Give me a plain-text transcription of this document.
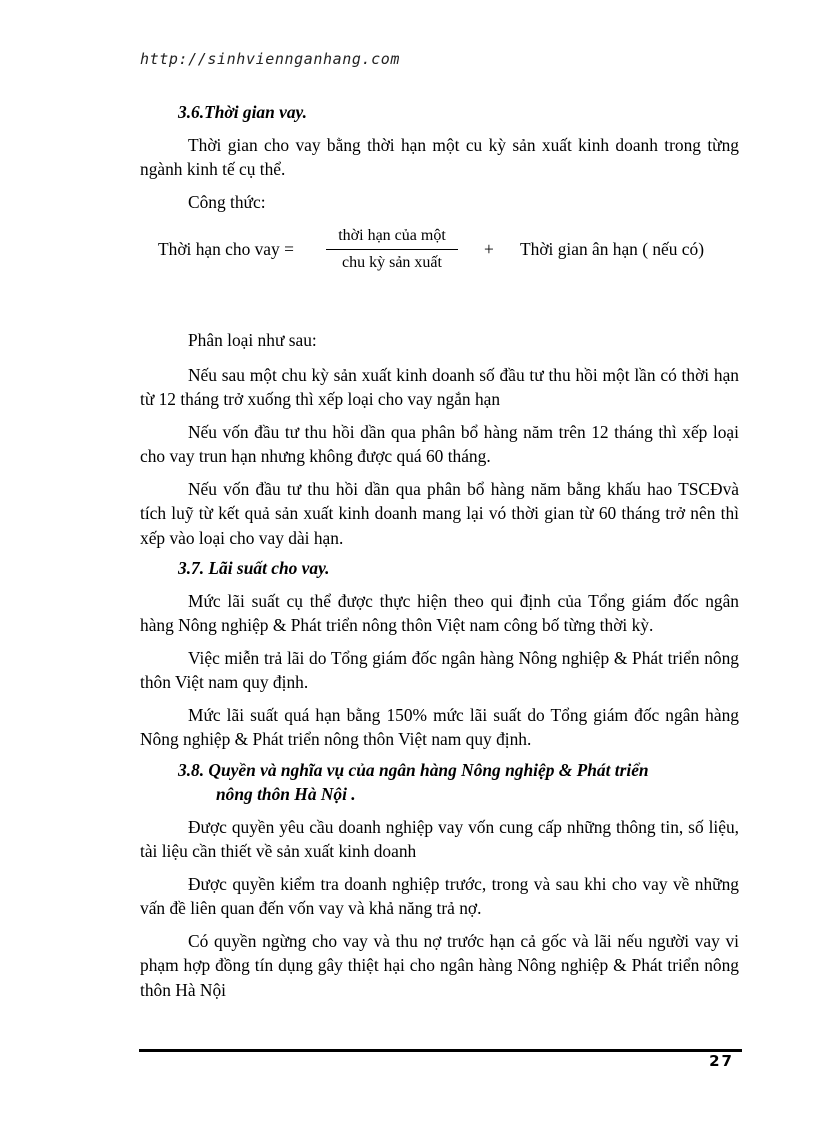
http://sinhviennganhang.com
3.6.Thời gian vay.

Thời gian cho vay bằng thời hạn một cu kỳ sản xuất kinh doanh trong từng ngành kinh tế cụ thể.

Công thức:

Thời hạn cho vay =
thời hạn của một
chu kỳ sản xuất
+ Thời gian ân hạn ( nếu có)

Phân loại như sau:

Nếu sau một chu kỳ sản xuất kinh doanh số đầu tư thu hồi một lần có thời hạn từ 12 tháng trở xuống thì xếp loại cho vay ngắn hạn

Nếu vốn đầu tư thu hồi dần qua phân bổ hàng năm trên 12 tháng thì xếp loại cho vay trun hạn nhưng không được quá 60 tháng.

Nếu vốn đầu tư thu hồi dần qua phân bổ hàng năm bằng khấu hao TSCĐvà tích luỹ từ kết quả sản xuất kinh doanh mang lại vó thời gian từ 60 tháng trở nên thì xếp vào loại cho vay dài hạn.

3.7. Lãi suất cho vay.

Mức lãi suất cụ thể được thực hiện theo qui định của Tổng giám đốc ngân hàng Nông nghiệp & Phát triển nông thôn Việt nam công bố từng thời kỳ.

Việc miễn trả lãi do Tổng giám đốc ngân hàng Nông nghiệp & Phát triển nông thôn Việt nam quy định.

Mức lãi suất quá hạn bằng 150% mức lãi suất do Tổng giám đốc ngân hàng Nông nghiệp & Phát triển nông thôn Việt nam quy định.

3.8. Quyền và nghĩa vụ của ngân hàng Nông nghiệp & Phát triển
nông thôn Hà Nội .

Được quyền yêu cầu doanh nghiệp vay vốn cung cấp những thông tin, số liệu, tài liệu cần thiết về sản xuất kinh doanh

Được quyền kiểm tra doanh nghiệp trước, trong và sau khi cho vay về những vấn đề liên quan đến vốn vay và khả năng trả nợ.

Có quyền ngừng cho vay và thu nợ trước hạn cả gốc và lãi nếu người vay vi phạm hợp đồng tín dụng gây thiệt hại cho ngân hàng Nông nghiệp & Phát triển nông thôn Hà Nội

27
